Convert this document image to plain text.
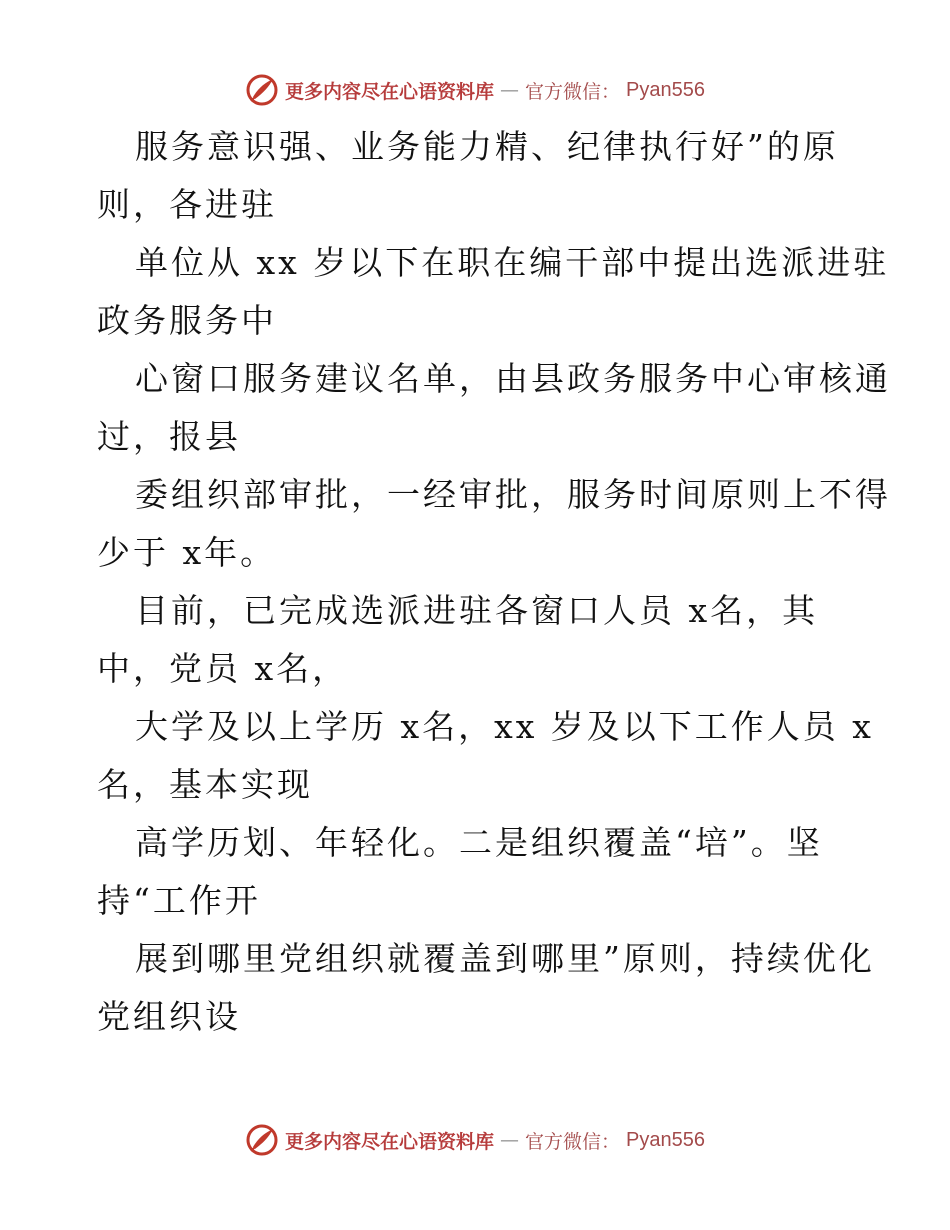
更多内容尽在心语资料库 — 官方微信： Pyan556
服务意识强、业务能力精、纪律执行好”的原
则，各进驻
单位从 xx 岁以下在职在编干部中提出选派进驻
政务服务中
心窗口服务建议名单，由县政务服务中心审核通
过，报县
委组织部审批，一经审批，服务时间原则上不得
少于 x年。
目前，已完成选派进驻各窗口人员 x名，其
中，党员 x名，
大学及以上学历 x名，xx 岁及以下工作人员 x
名，基本实现
高学历划、年轻化。二是组织覆盖“培”。坚
持“工作开
展到哪里党组织就覆盖到哪里”原则，持续优化
党组织设
更多内容尽在心语资料库 — 官方微信： Pyan556
